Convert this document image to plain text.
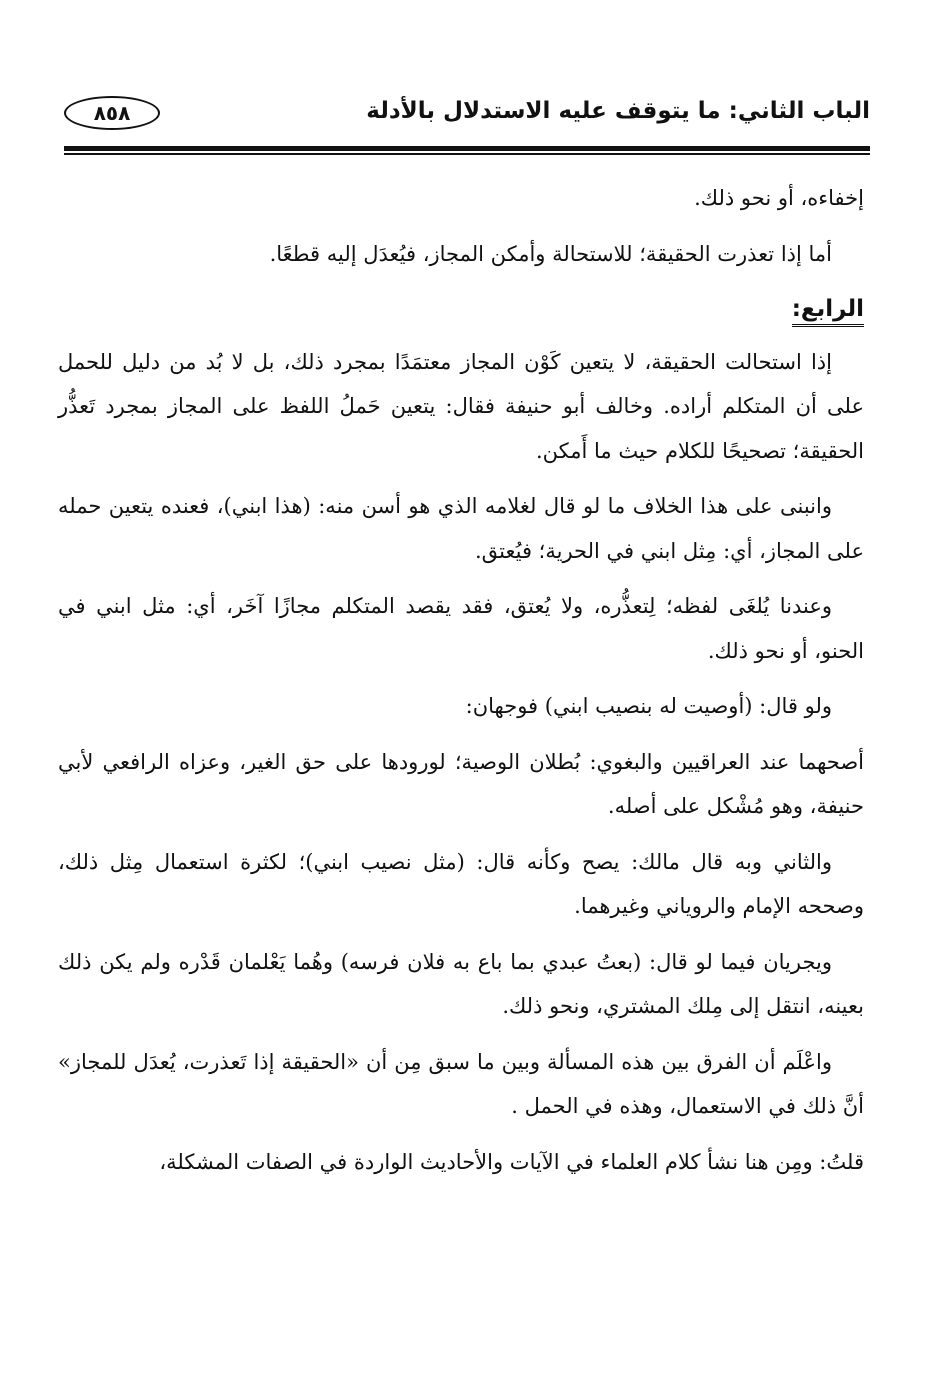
الباب الثاني: ما يتوقف عليه الاستدلال بالأدلة
٨٥٨

إخفاءه، أو نحو ذلك.

أما إذا تعذرت الحقيقة؛ للاستحالة وأمكن المجاز، فيُعدَل إليه قطعًا.

الرابع:

إذا استحالت الحقيقة، لا يتعين كَوْن المجاز معتمَدًا بمجرد ذلك، بل لا بُد من دليل للحمل على أن المتكلم أراده. وخالف أبو حنيفة فقال: يتعين حَملُ اللفظ على المجاز بمجرد تَعذُّر الحقيقة؛ تصحيحًا للكلام حيث ما أَمكن.

وانبنى على هذا الخلاف ما لو قال لغلامه الذي هو أسن منه: (هذا ابني)، فعنده يتعين حمله على المجاز، أي: مِثل ابني في الحرية؛ فيُعتق.

وعندنا يُلغَى لفظه؛ لِتعذُّره، ولا يُعتق، فقد يقصد المتكلم مجازًا آخَر، أي: مثل ابني في الحنو، أو نحو ذلك.

ولو قال: (أوصيت له بنصيب ابني) فوجهان:

أصحهما عند العراقيين والبغوي: بُطلان الوصية؛ لورودها على حق الغير، وعزاه الرافعي لأبي حنيفة، وهو مُشْكل على أصله.

والثاني وبه قال مالك: يصح وكأنه قال: (مثل نصيب ابني)؛ لكثرة استعمال مِثل ذلك، وصححه الإمام والروياني وغيرهما.

ويجريان فيما لو قال: (بعتُ عبدي بما باع به فلان فرسه) وهُما يَعْلمان قَدْره ولم يكن ذلك بعينه، انتقل إلى مِلك المشتري، ونحو ذلك.

واعْلَم أن الفرق بين هذه المسألة وبين ما سبق مِن أن «الحقيقة إذا تَعذرت، يُعدَل للمجاز» أنَّ ذلك في الاستعمال، وهذه في الحمل .

قلتُ: ومِن هنا نشأ كلام العلماء في الآيات والأحاديث الواردة في الصفات المشكلة،
